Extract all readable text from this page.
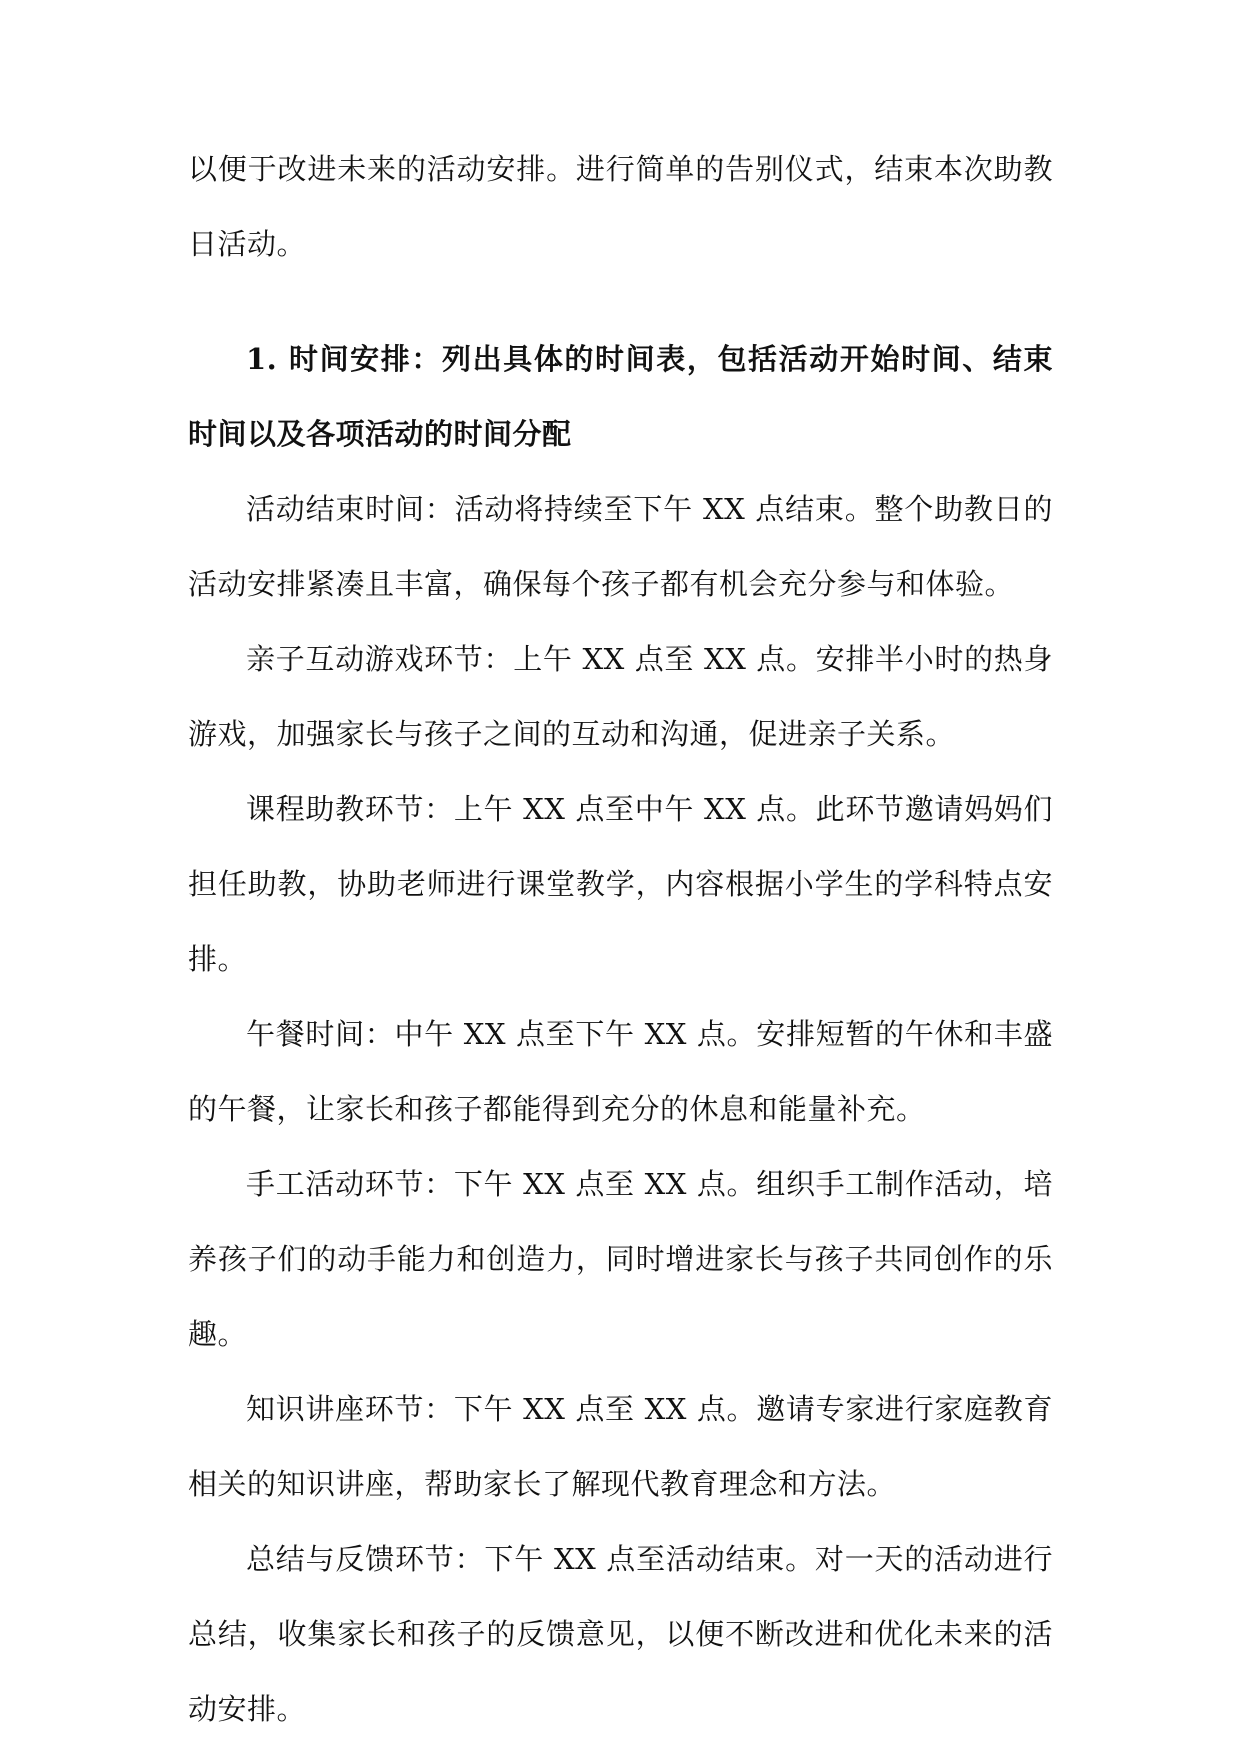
以便于改进未来的活动安排。进行简单的告别仪式，结束本次助教日活动。
1. 时间安排：列出具体的时间表，包括活动开始时间、结束时间以及各项活动的时间分配

活动结束时间：活动将持续至下午 XX 点结束。整个助教日的活动安排紧凑且丰富，确保每个孩子都有机会充分参与和体验。

亲子互动游戏环节：上午 XX 点至 XX 点。安排半小时的热身游戏，加强家长与孩子之间的互动和沟通，促进亲子关系。

课程助教环节：上午 XX 点至中午 XX 点。此环节邀请妈妈们担任助教，协助老师进行课堂教学，内容根据小学生的学科特点安排。

午餐时间：中午 XX 点至下午 XX 点。安排短暂的午休和丰盛的午餐，让家长和孩子都能得到充分的休息和能量补充。

手工活动环节：下午 XX 点至 XX 点。组织手工制作活动，培养孩子们的动手能力和创造力，同时增进家长与孩子共同创作的乐趣。

知识讲座环节：下午 XX 点至 XX 点。邀请专家进行家庭教育相关的知识讲座，帮助家长了解现代教育理念和方法。

总结与反馈环节：下午 XX 点至活动结束。对一天的活动进行总结，收集家长和孩子的反馈意见，以便不断改进和优化未来的活动安排。
